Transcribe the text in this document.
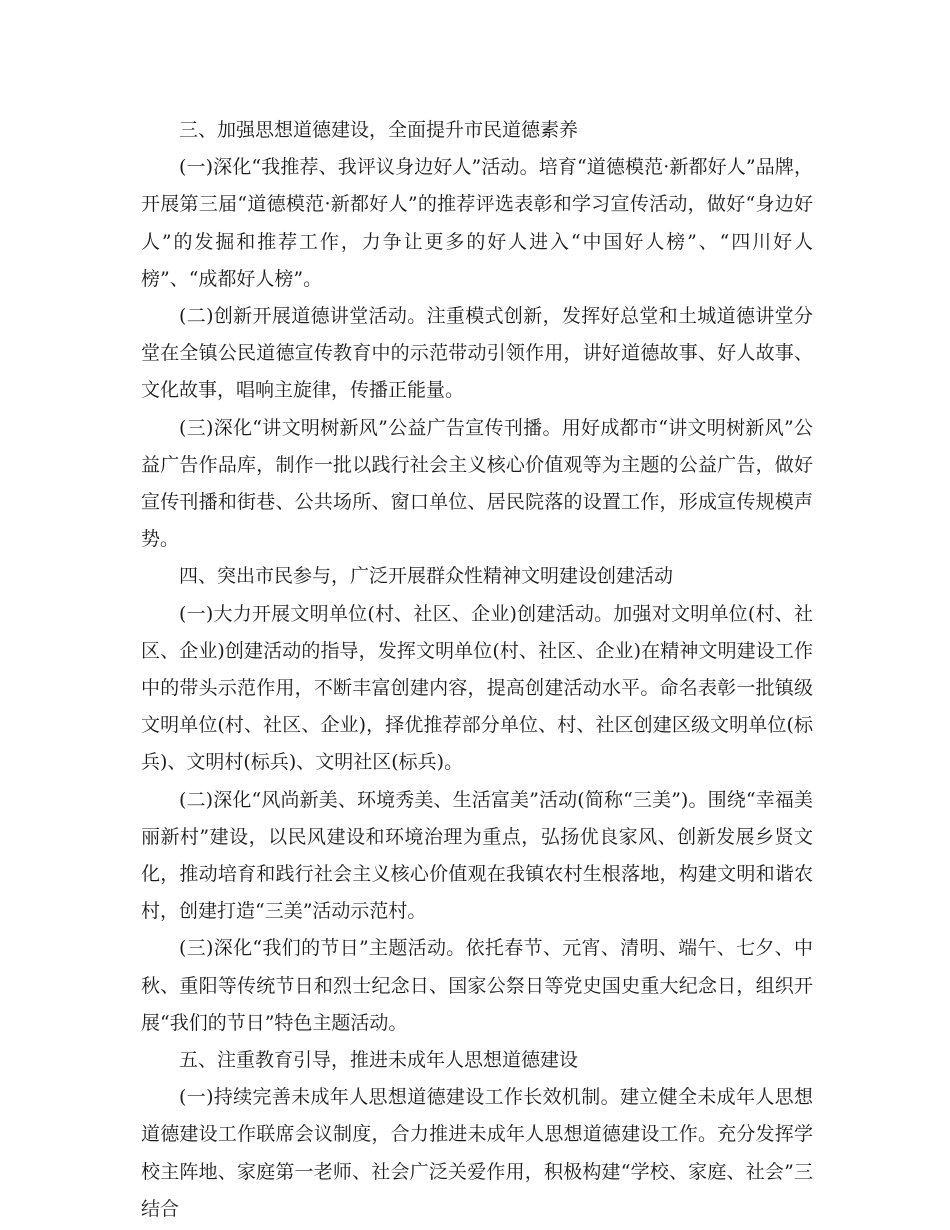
三、加强思想道德建设，全面提升市民道德素养

(一)深化“我推荐、我评议身边好人”活动。培育“道德模范·新都好人”品牌，开展第三届“道德模范·新都好人”的推荐评选表彰和学习宣传活动，做好“身边好人”的发掘和推荐工作，力争让更多的好人进入“中国好人榜”、“四川好人榜”、“成都好人榜”。

(二)创新开展道德讲堂活动。注重模式创新，发挥好总堂和土城道德讲堂分堂在全镇公民道德宣传教育中的示范带动引领作用，讲好道德故事、好人故事、文化故事，唱响主旋律，传播正能量。

(三)深化“讲文明树新风”公益广告宣传刊播。用好成都市“讲文明树新风”公益广告作品库，制作一批以践行社会主义核心价值观等为主题的公益广告，做好宣传刊播和街巷、公共场所、窗口单位、居民院落的设置工作，形成宣传规模声势。

四、突出市民参与，广泛开展群众性精神文明建设创建活动

(一)大力开展文明单位(村、社区、企业)创建活动。加强对文明单位(村、社区、企业)创建活动的指导，发挥文明单位(村、社区、企业)在精神文明建设工作中的带头示范作用，不断丰富创建内容，提高创建活动水平。命名表彰一批镇级文明单位(村、社区、企业)，择优推荐部分单位、村、社区创建区级文明单位(标兵)、文明村(标兵)、文明社区(标兵)。

(二)深化“风尚新美、环境秀美、生活富美”活动(简称“三美”)。围绕“幸福美丽新村”建设，以民风建设和环境治理为重点，弘扬优良家风、创新发展乡贤文化，推动培育和践行社会主义核心价值观在我镇农村生根落地，构建文明和谐农村，创建打造“三美”活动示范村。

(三)深化“我们的节日”主题活动。依托春节、元宵、清明、端午、七夕、中秋、重阳等传统节日和烈士纪念日、国家公祭日等党史国史重大纪念日，组织开展“我们的节日”特色主题活动。

五、注重教育引导，推进未成年人思想道德建设

(一)持续完善未成年人思想道德建设工作长效机制。建立健全未成年人思想道德建设工作联席会议制度，合力推进未成年人思想道德建设工作。充分发挥学校主阵地、家庭第一老师、社会广泛关爱作用，积极构建“学校、家庭、社会”三结合
